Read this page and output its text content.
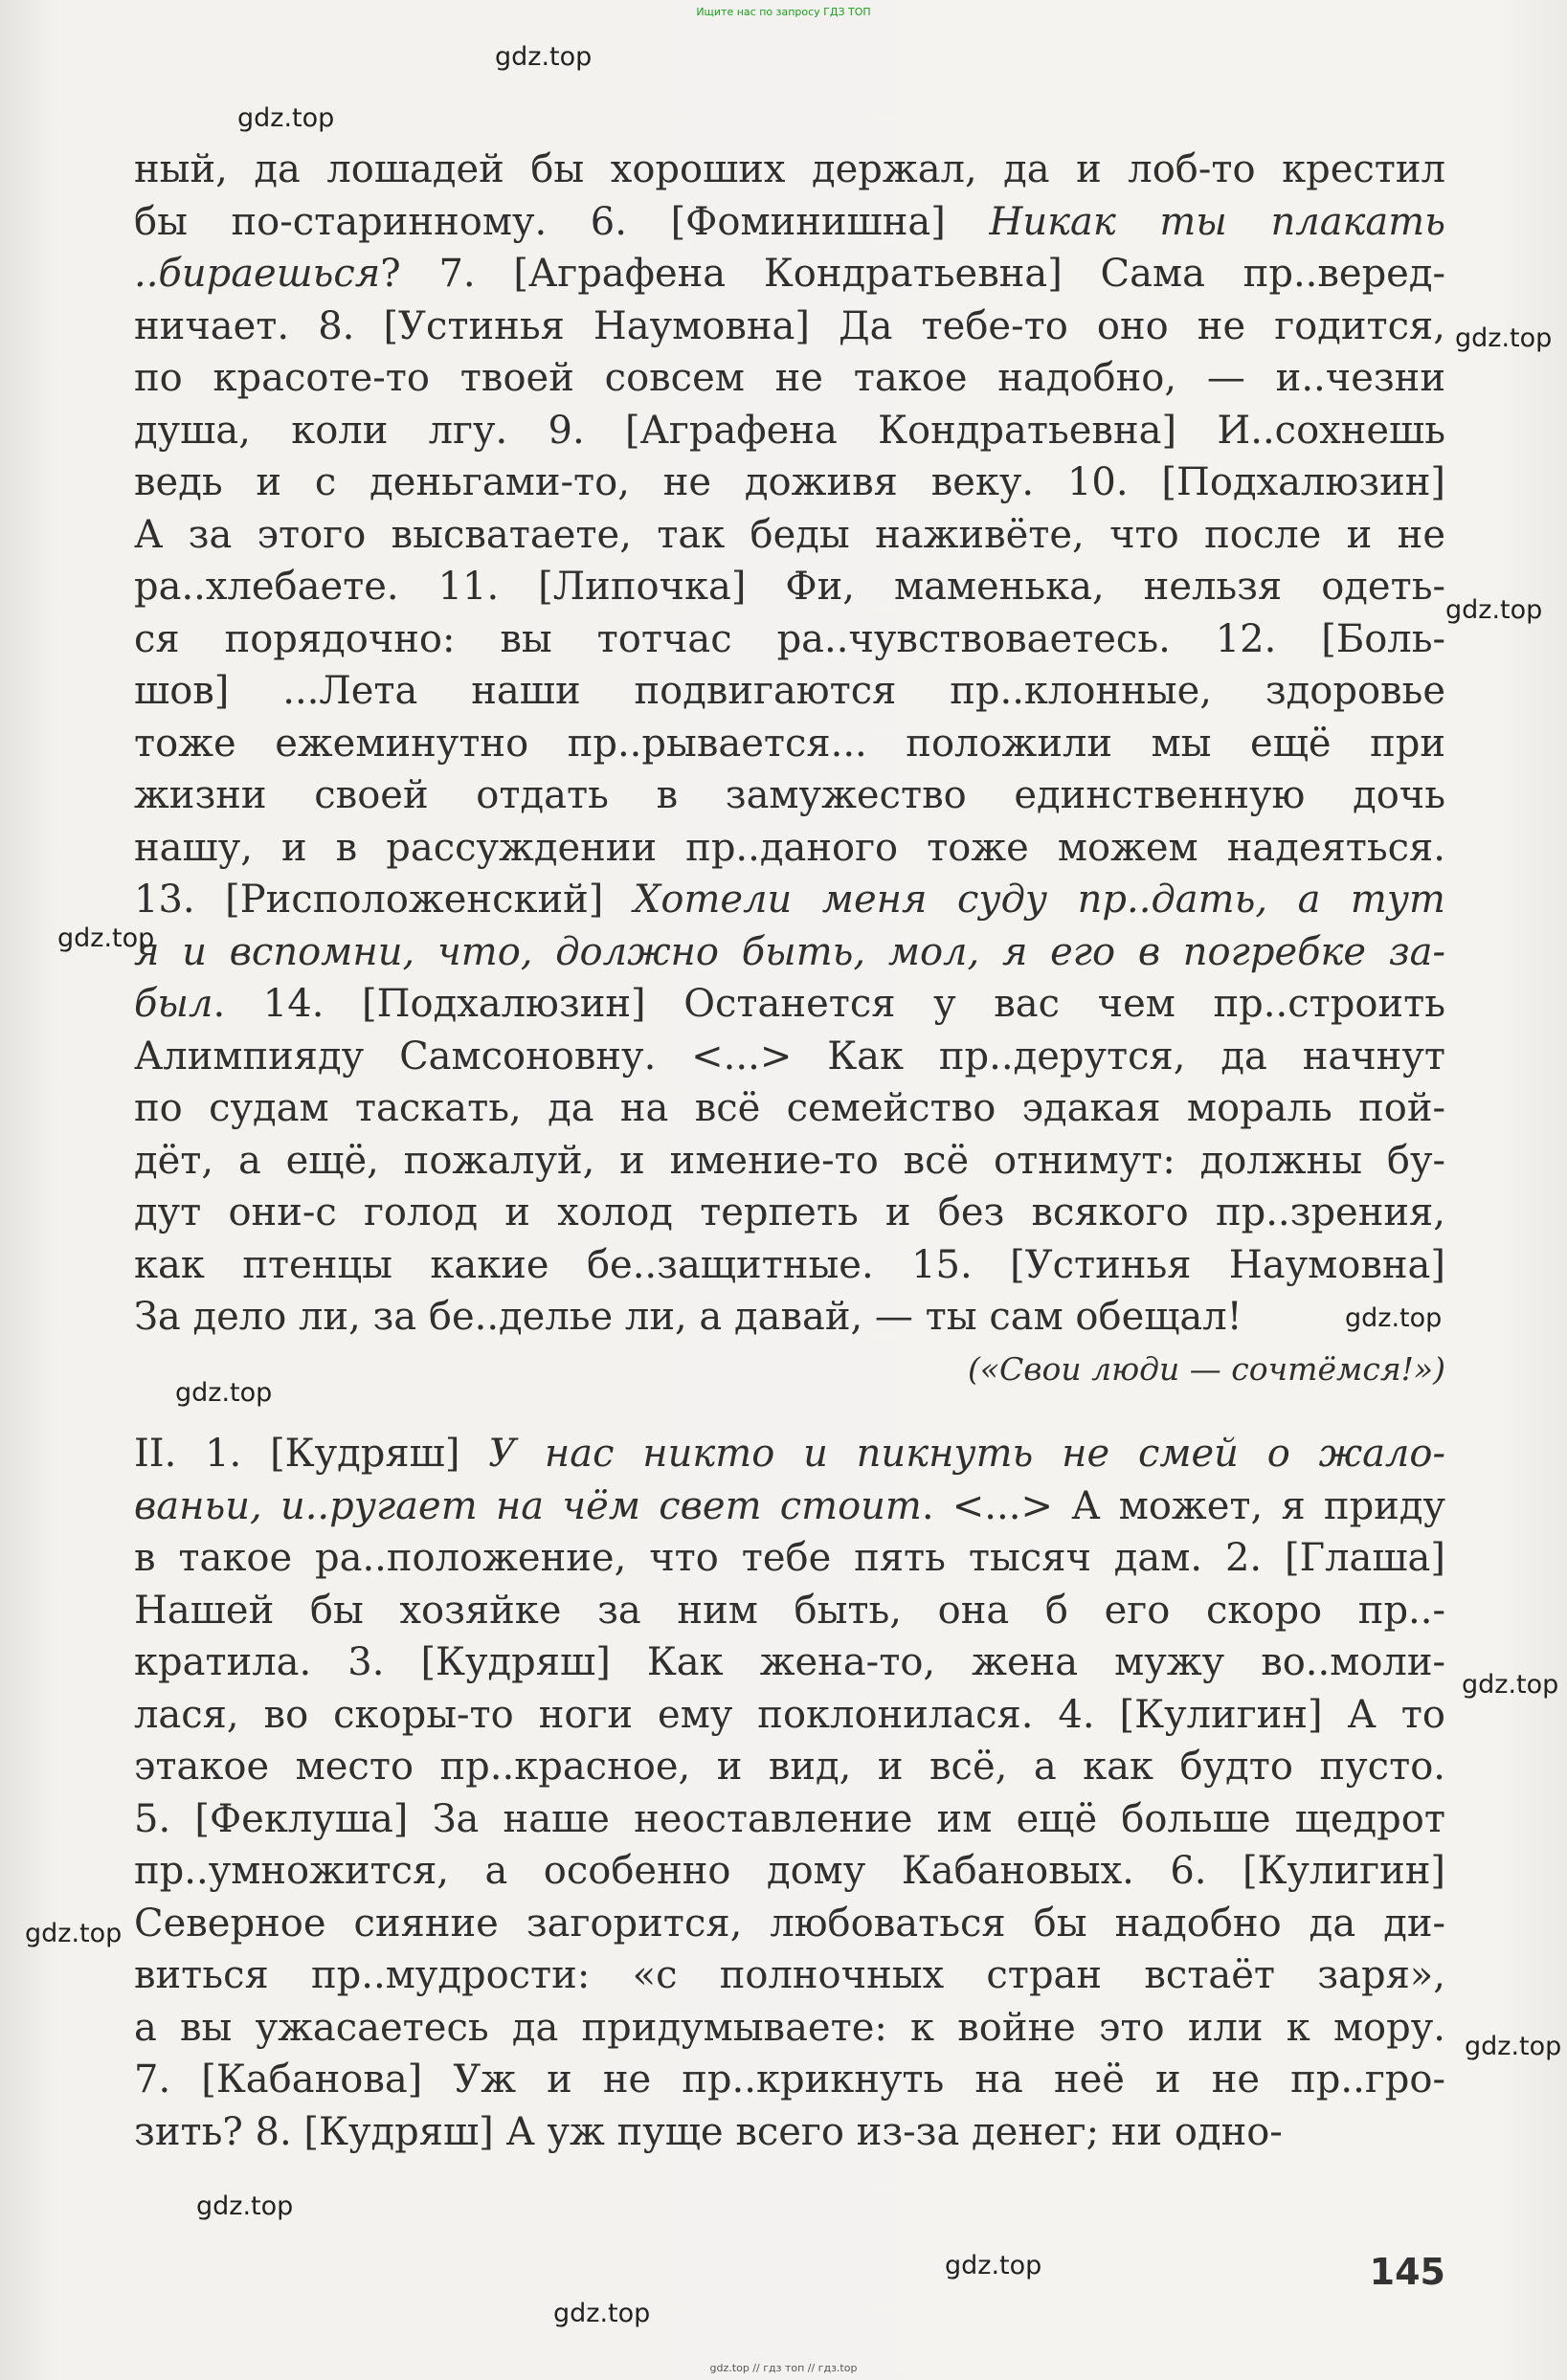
Ищите нас по запросу ГДЗ ТОП
gdz.top
gdz.top
gdz.top
gdz.top
gdz.top
gdz.top
gdz.top
gdz.top
gdz.top
gdz.top
gdz.top
gdz.top
gdz.top
ный, да лошадей бы хороших держал, да и лоб-то крестил
бы по-старинному. 6. [Фоминишна] Никак ты плакать
..бираешься? 7. [Аграфена Кондратьевна] Сама пр..веред-
ничает. 8. [Устинья Наумовна] Да тебе-то оно не годится,
по красоте-то твоей совсем не такое надобно, — и..чезни
душа, коли лгу. 9. [Аграфена Кондратьевна] И..сохнешь
ведь и с деньгами-то, не доживя веку. 10. [Подхалюзин]
А за этого высватаете, так беды наживёте, что после и не
ра..хлебаете. 11. [Липочка] Фи, маменька, нельзя одеть-
ся порядочно: вы тотчас ра..чувствоваетесь. 12. [Боль-
шов] ...Лета наши подвигаются пр..клонные, здоровье
тоже ежеминутно пр..рывается... положили мы ещё при
жизни своей отдать в замужество единственную дочь
нашу, и в рассуждении пр..даного тоже можем надеяться.
13. [Рисположенский] Хотели меня суду пр..дать, а тут
я и вспомни, что, должно быть, мол, я его в погребке за-
был. 14. [Подхалюзин] Останется у вас чем пр..строить
Алимпияду Самсоновну. <...> Как пр..дерутся, да начнут
по судам таскать, да на всё семейство эдакая мораль пой-
дёт, а ещё, пожалуй, и имение-то всё отнимут: должны бу-
дут они-с голод и холод терпеть и без всякого пр..зрения,
как птенцы какие бе..защитные. 15. [Устинья Наумовна]
За дело ли, за бе..делье ли, а давай, — ты сам обещал!
(«Свои люди — сочтёмся!»)
II. 1. [Кудряш] У нас никто и пикнуть не смей о жало-
ваньи, и..ругает на чём свет стоит. <...> А может, я приду
в такое ра..положение, что тебе пять тысяч дам. 2. [Глаша]
Нашей бы хозяйке за ним быть, она б его скоро пр..-
кратила. 3. [Кудряш] Как жена-то, жена мужу во..моли-
лася, во скоры-то ноги ему поклонилася. 4. [Кулигин] А то
этакое место пр..красное, и вид, и всё, а как будто пусто.
5. [Феклуша] За наше неоставление им ещё больше щедрот
пр..умножится, а особенно дому Кабановых. 6. [Кулигин]
Северное сияние загорится, любоваться бы надобно да ди-
виться пр..мудрости: «с полночных стран встаёт заря»,
а вы ужасаетесь да придумываете: к войне это или к мору.
7. [Кабанова] Уж и не пр..крикнуть на неё и не пр..гро-
зить? 8. [Кудряш] А уж пуще всего из-за денег; ни одно-
145
gdz.top // гдз топ // гдз.top
